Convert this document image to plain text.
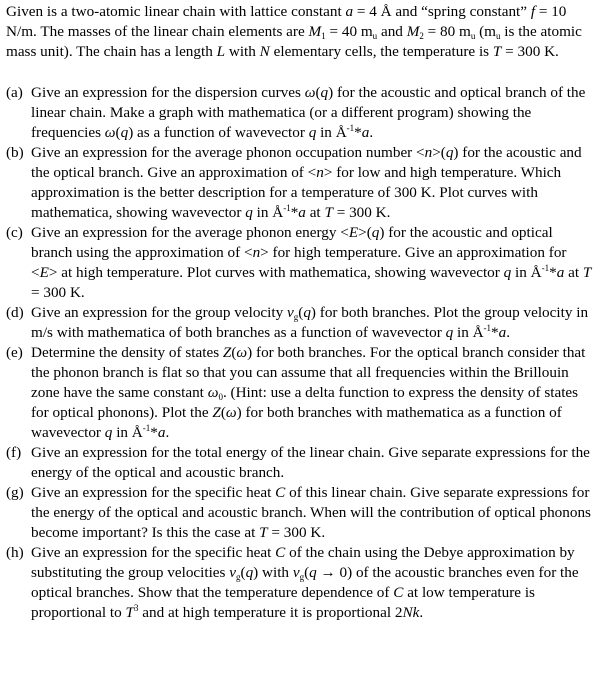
Given is a two-atomic linear chain with lattice constant a = 4 Å and “spring constant” f = 10 N/m. The masses of the linear chain elements are $M_1 = 40$ $m_u$ and $M_2 = 80$ $m_u$ ($m_u$ is the atomic mass unit). The chain has a length L with N elementary cells, the temperature is T = 300 K.
(a) Give an expression for the dispersion curves ω(q) for the acoustic and optical branch of the linear chain. Make a graph with mathematica (or a different program) showing the frequencies ω(q) as a function of wavevector q in $Å^{-1}*a$.
(b) Give an expression for the average phonon occupation number <n>(q) for the acoustic and the optical branch. Give an approximation of <n> for low and high temperature. Which approximation is the better description for a temperature of 300 K. Plot curves with mathematica, showing wavevector q in $Å^{-1}*a$ at T = 300 K.
(c) Give an expression for the average phonon energy <E>(q) for the acoustic and optical branch using the approximation of <n> for high temperature. Give an approximation for <E> at high temperature. Plot curves with mathematica, showing wavevector q in $Å^{-1}*a$ at T = 300 K.
(d) Give an expression for the group velocity $v_g(q)$ for both branches. Plot the group velocity in m/s with mathematica of both branches as a function of wavevector q in $Å^{-1}*a$.
(e) Determine the density of states Z(ω) for both branches. For the optical branch consider that the phonon branch is flat so that you can assume that all frequencies within the Brillouin zone have the same constant $\omega_0$. (Hint: use a delta function to express the density of states for optical phonons). Plot the Z(ω) for both branches with mathematica as a function of wavevector q in $Å^{-1}*a$.
(f) Give an expression for the total energy of the linear chain. Give separate expressions for the energy of the optical and acoustic branch.
(g) Give an expression for the specific heat C of this linear chain. Give separate expressions for the energy of the optical and acoustic branch. When will the contribution of optical phonons become important? Is this the case at T = 300 K.
(h) Give an expression for the specific heat C of the chain using the Debye approximation by substituting the group velocities $v_g(q)$ with $v_g(q \to 0)$ of the acoustic branches even for the optical branches. Show that the temperature dependence of C at low temperature is proportional to $T^3$ and at high temperature it is proportional 2Nk.
